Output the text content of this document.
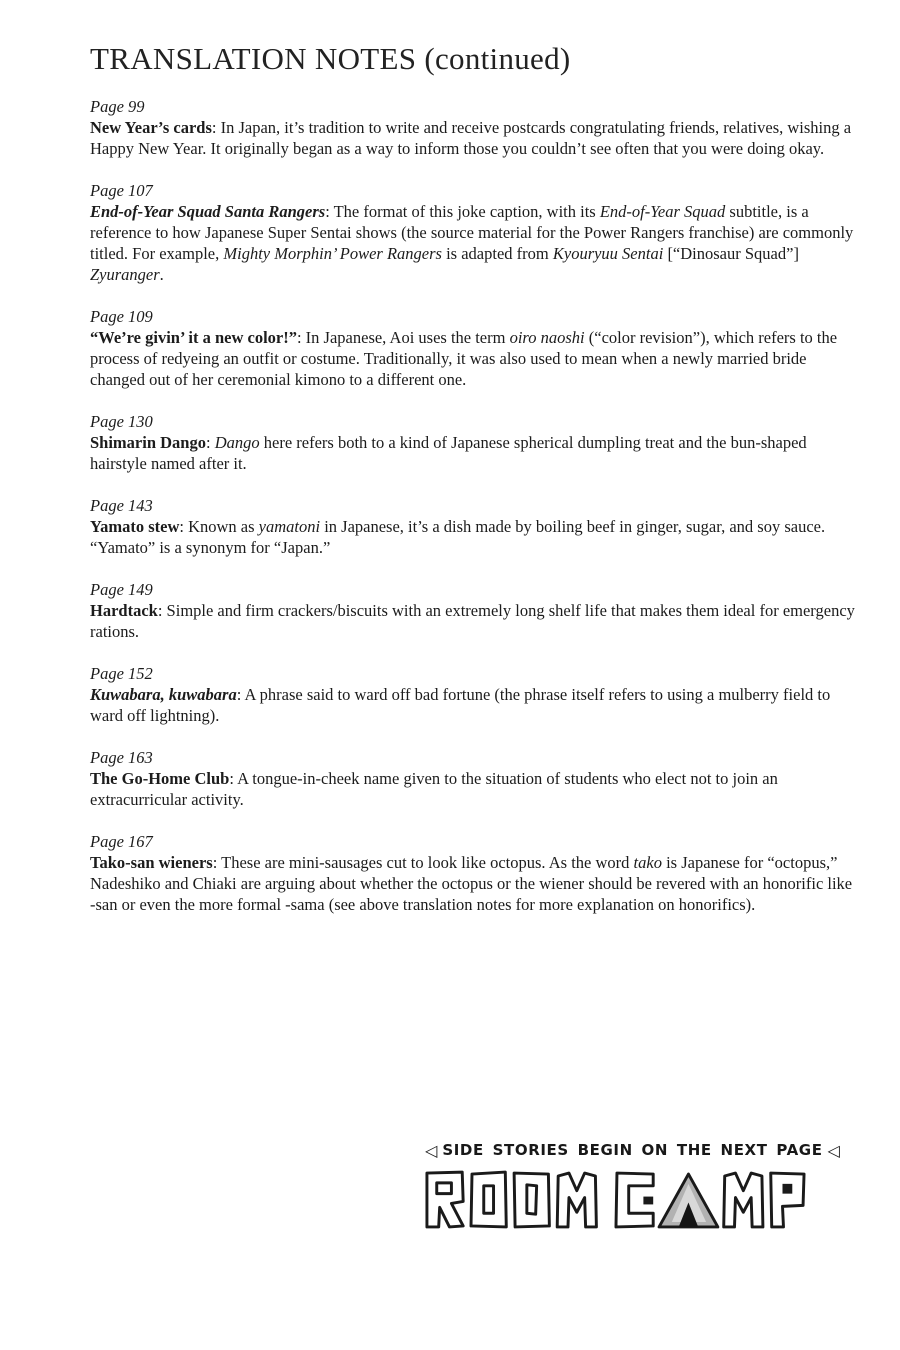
TRANSLATION NOTES (continued)
Page 99

New Year’s cards: In Japan, it’s tradition to write and receive postcards congratulating friends, relatives, wishing a Happy New Year. It originally began as a way to inform those you couldn’t see often that you were doing okay.

Page 107

End-of-Year Squad Santa Rangers: The format of this joke caption, with its End-of-Year Squad subtitle, is a reference to how Japanese Super Sentai shows (the source material for the Power Rangers franchise) are commonly titled. For example, Mighty Morphin’ Power Rangers is adapted from Kyouryuu Sentai [“Dinosaur Squad”] Zyuranger.

Page 109

“We’re givin’ it a new color!”: In Japanese, Aoi uses the term oiro naoshi (“color revision”), which refers to the process of redyeing an outfit or costume. Traditionally, it was also used to mean when a newly married bride changed out of her ceremonial kimono to a different one.

Page 130

Shimarin Dango: Dango here refers both to a kind of Japanese spherical dumpling treat and the bun-shaped hairstyle named after it.

Page 143

Yamato stew: Known as yamatoni in Japanese, it’s a dish made by boiling beef in ginger, sugar, and soy sauce. “Yamato” is a synonym for “Japan.”

Page 149

Hardtack: Simple and firm crackers/biscuits with an extremely long shelf life that makes them ideal for emergency rations.

Page 152

Kuwabara, kuwabara: A phrase said to ward off bad fortune (the phrase itself refers to using a mulberry field to ward off lightning).

Page 163

The Go-Home Club: A tongue-in-cheek name given to the situation of students who elect not to join an extracurricular activity.

Page 167

Tako-san wieners: These are mini-sausages cut to look like octopus. As the word tako is Japanese for “octopus,” Nadeshiko and Chiaki are arguing about whether the octopus or the wiener should be revered with an honorific like -san or even the more formal -sama (see above translation notes for more explanation on honorifics).

◁ SIDE STORIES BEGIN ON THE NEXT PAGE ◁
